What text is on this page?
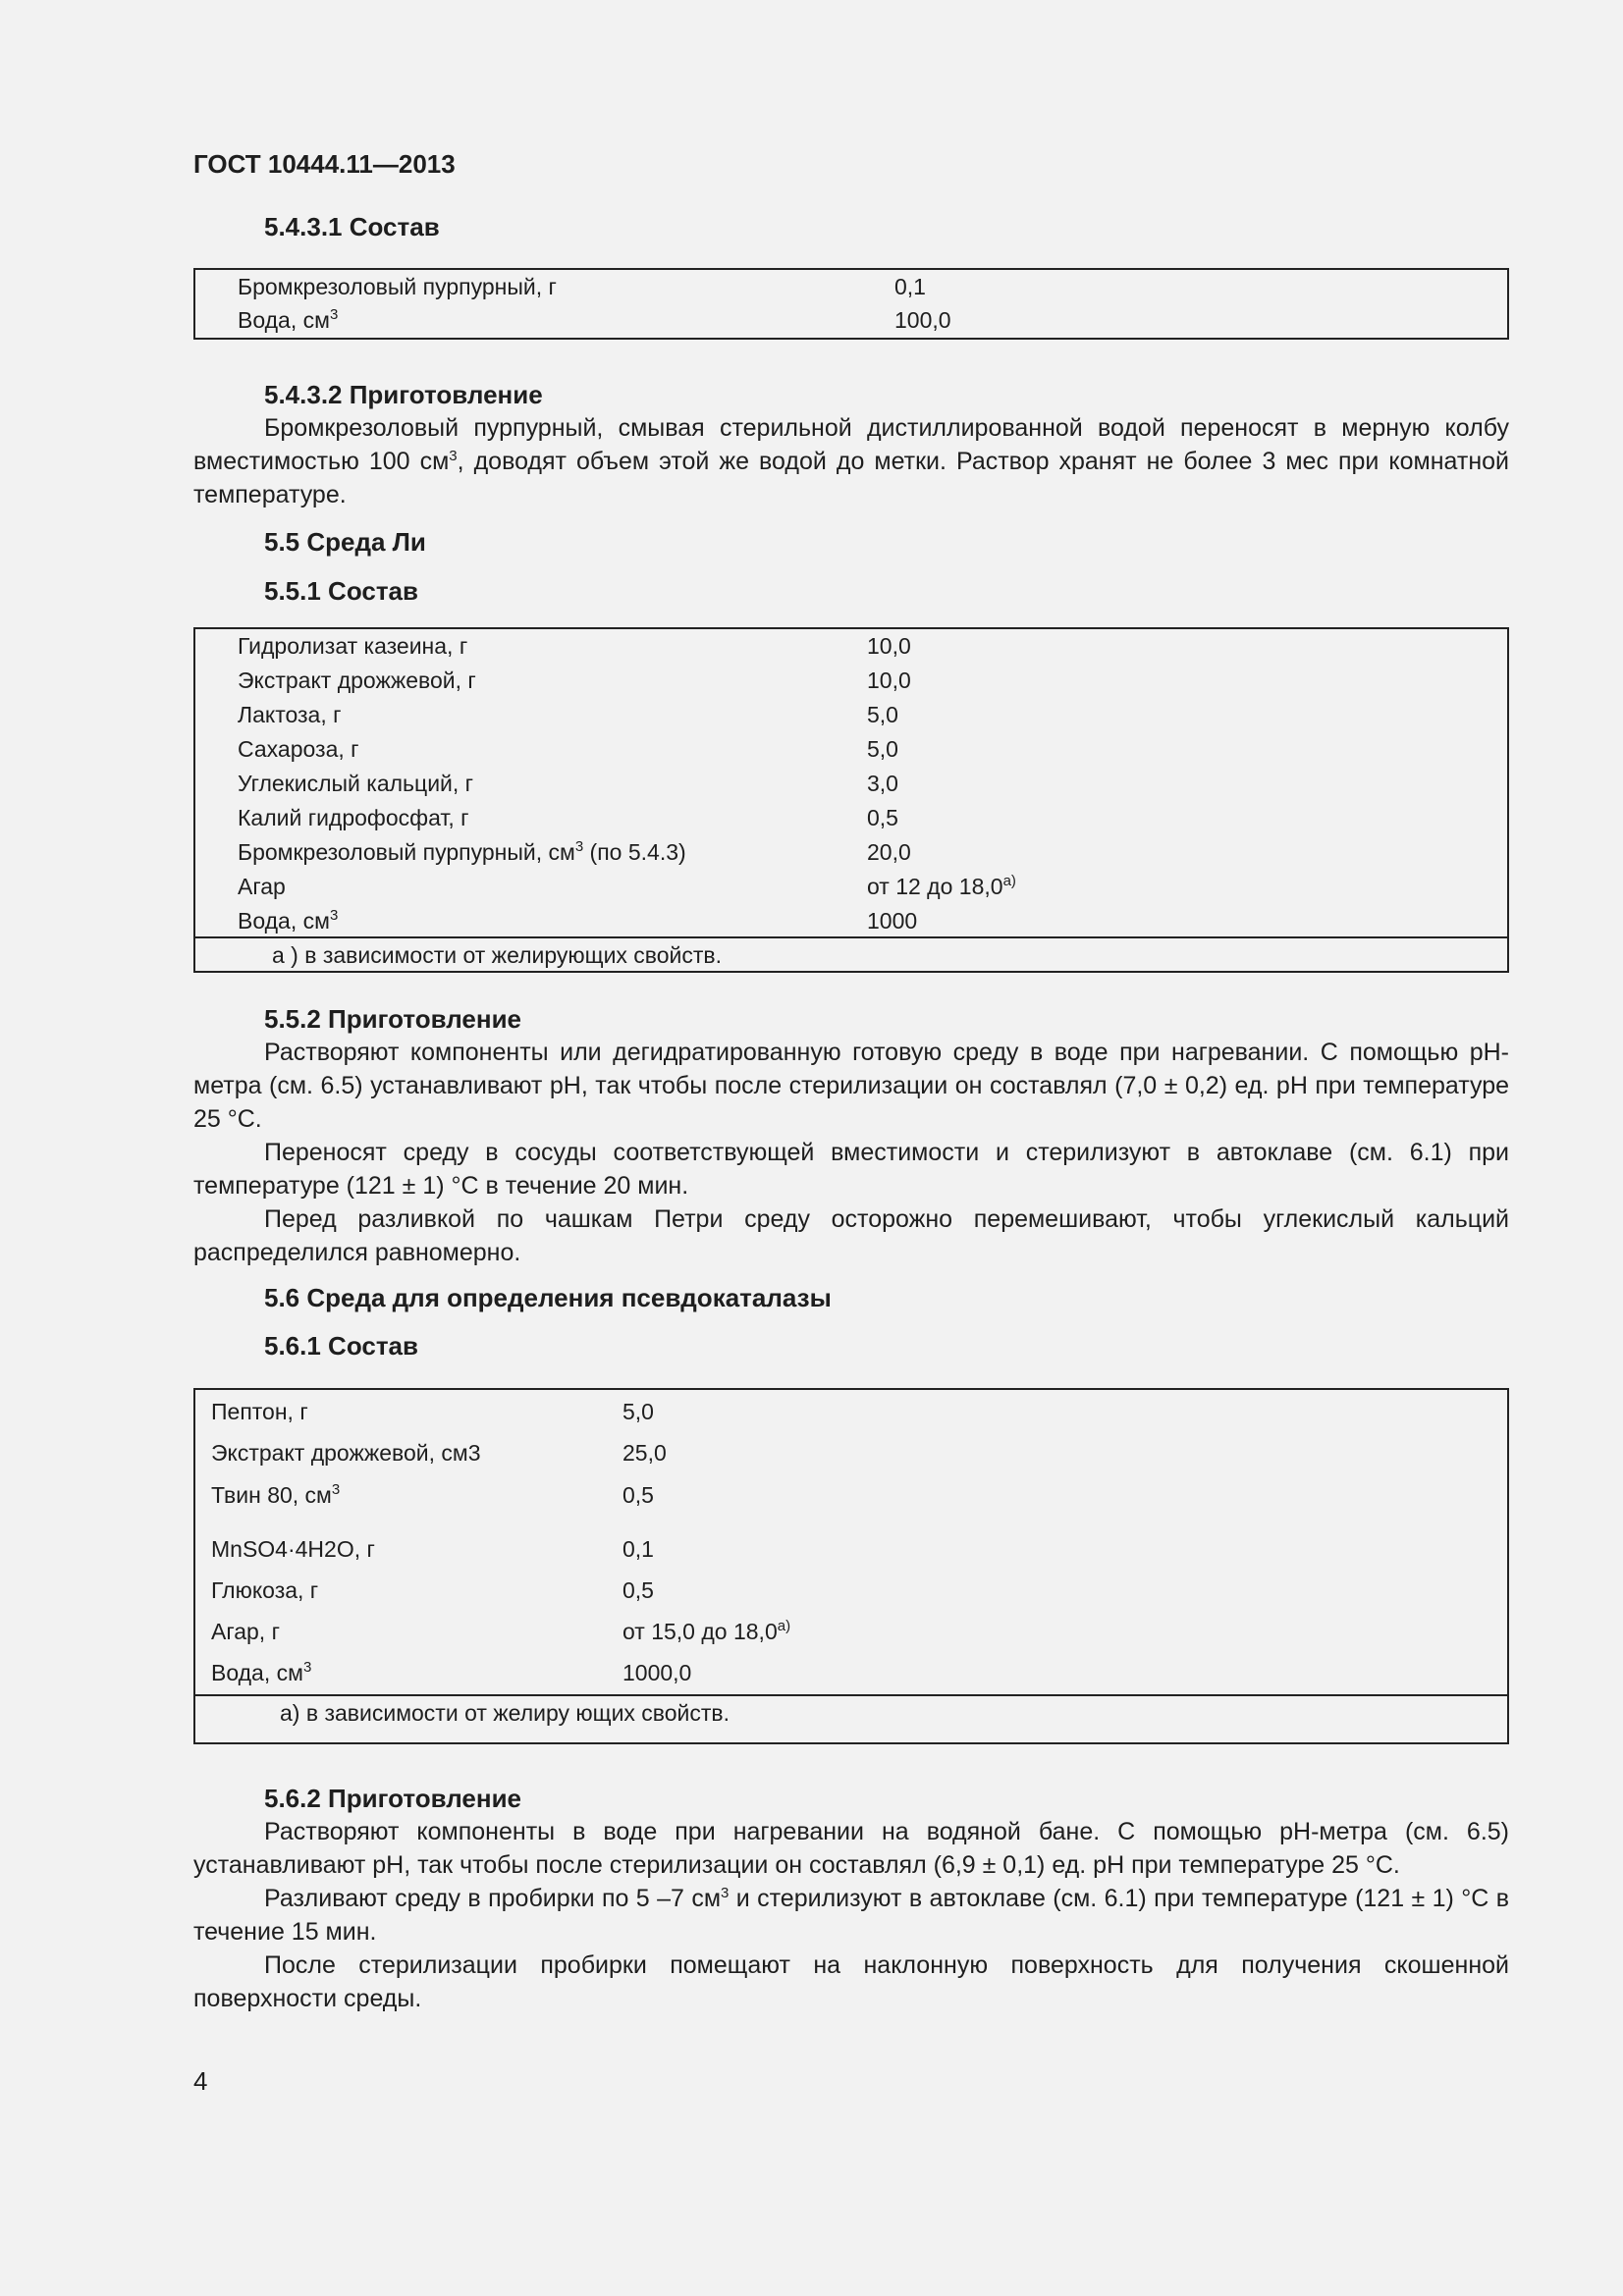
ГОСТ 10444.11—2013
5.4.3.1 Состав
Бромкрезоловый пурпурный, г	0,1
Вода, $см^3$	100,0
5.4.3.2 Приготовление

Бромкрезоловый пурпурный, смывая стерильной дистиллированной водой переносят в мерную колбу вместимостью 100 $см^3$, доводят объем этой же водой до метки. Раствор хранят не более 3 мес при комнатной температуре.

5.5 Среда Ли
5.5.1 Состав
Гидролизат казеина, г	10,0
Экстракт дрожжевой, г	10,0
Лактоза, г	5,0
Сахароза, г	5,0
Углекислый кальций, г	3,0
Калий гидрофосфат, г	0,5
Бромкрезоловый пурпурный, $см^3$ (по 5.4.3)	20,0
Агар	от 12 до $18,0^{а)}$
Вода, $см^3$	1000
а ) в зависимости от желирующих свойств.
5.5.2 Приготовление

Растворяют компоненты или дегидратированную готовую среду в воде при нагревании. С помощью pH-метра (см. 6.5) устанавливают pH, так чтобы после стерилизации он составлял (7,0 ± 0,2) ед. pH при температуре 25 °С.

Переносят среду в сосуды соответствующей вместимости и стерилизуют в автоклаве (см. 6.1) при температуре (121 ± 1) °С в течение 20 мин.

Перед разливкой по чашкам Петри среду осторожно перемешивают, чтобы углекислый кальций распределился равномерно.

5.6 Среда для определения псевдокаталазы
5.6.1 Состав
Пептон, г	5,0
Экстракт дрожжевой, см3	25,0
Твин 80, $см^3$	0,5
MnSO4·4H2O, г	0,1
Глюкоза, г	0,5
Агар, г	от 15,0 до $18,0^{а)}$
Вода, $см^3$	1000,0
а) в зависимости от желиру ющих свойств.
5.6.2 Приготовление

Растворяют компоненты в воде при нагревании на водяной бане. С помощью pH-метра (см. 6.5) устанавливают pH, так чтобы после стерилизации он составлял (6,9 ± 0,1) ед. pH при температуре 25 °С.

Разливают среду в пробирки по 5 –7 $см^3$ и стерилизуют в автоклаве (см. 6.1) при температуре (121 ± 1) °С в течение 15 мин.

После стерилизации пробирки помещают на наклонную поверхность для получения скошенной поверхности среды.

4
